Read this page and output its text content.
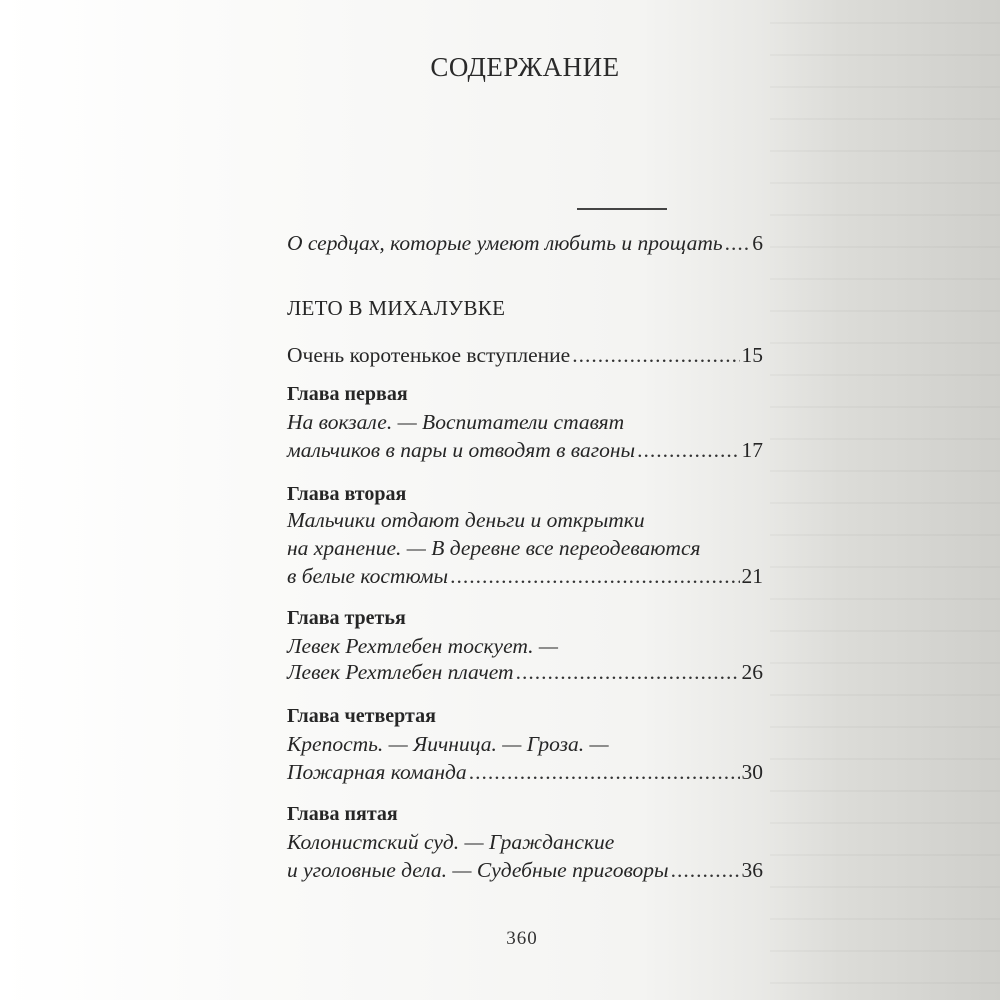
СОДЕРЖАНИЕ
О сердцах, которые умеют любить и прощать ..... 6
ЛЕТО В МИХАЛУВКЕ
Очень коротенькое вступление .....	15
Глава первая
На вокзале. — Воспитатели ставят
мальчиков в пары и отводят в вагоны .....	17
Глава вторая
Мальчики отдают деньги и открытки
на хранение. — В деревне все переодеваются
в белые костюмы .....	21
Глава третья
Левек Рехтлебен тоскует. —
Левек Рехтлебен плачет .....	26
Глава четвертая
Крепость. — Яичница. — Гроза. —
Пожарная команда .....	30
Глава пятая
Колонистский суд. — Гражданские
и уголовные дела. — Судебные приговоры .....	36
360
